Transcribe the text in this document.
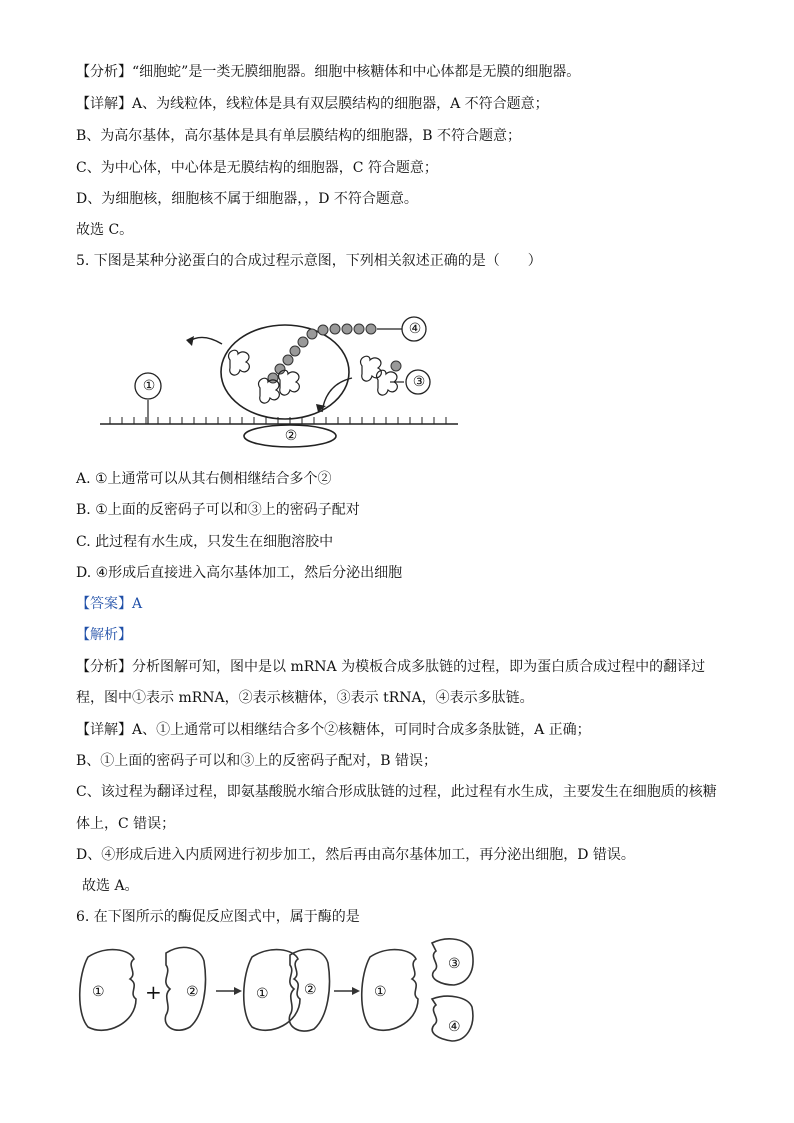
【分析】“细胞蛇”是一类无膜细胞器。细胞中核糖体和中心体都是无膜的细胞器。
【详解】A、为线粒体，线粒体是具有双层膜结构的细胞器，A 不符合题意；
B、为高尔基体，高尔基体是具有单层膜结构的细胞器，B 不符合题意；
C、为中心体，中心体是无膜结构的细胞器，C 符合题意；
D、为细胞核，细胞核不属于细胞器，，D 不符合题意。
故选 C。
5. 下图是某种分泌蛋白的合成过程示意图，下列相关叙述正确的是（　　）
①
②
③
④
A. ①上通常可以从其右侧相继结合多个②
B. ①上面的反密码子可以和③上的密码子配对
C. 此过程有水生成，只发生在细胞溶胶中
D. ④形成后直接进入高尔基体加工，然后分泌出细胞
【答案】A
【解析】
【分析】分析图解可知，图中是以 mRNA 为模板合成多肽链的过程，即为蛋白质合成过程中的翻译过
程，图中①表示 mRNA，②表示核糖体，③表示 tRNA，④表示多肽链。
【详解】A、①上通常可以相继结合多个②核糖体，可同时合成多条肽链，A 正确；
B、①上面的密码子可以和③上的反密码子配对，B 错误；
C、该过程为翻译过程，即氨基酸脱水缩合形成肽链的过程，此过程有水生成，主要发生在细胞质的核糖
体上，C 错误；
D、④形成后进入内质网进行初步加工，然后再由高尔基体加工，再分泌出细胞，D 错误。
故选 A。
6. 在下图所示的酶促反应图式中，属于酶的是
① + ②	①	②	①
③
④
